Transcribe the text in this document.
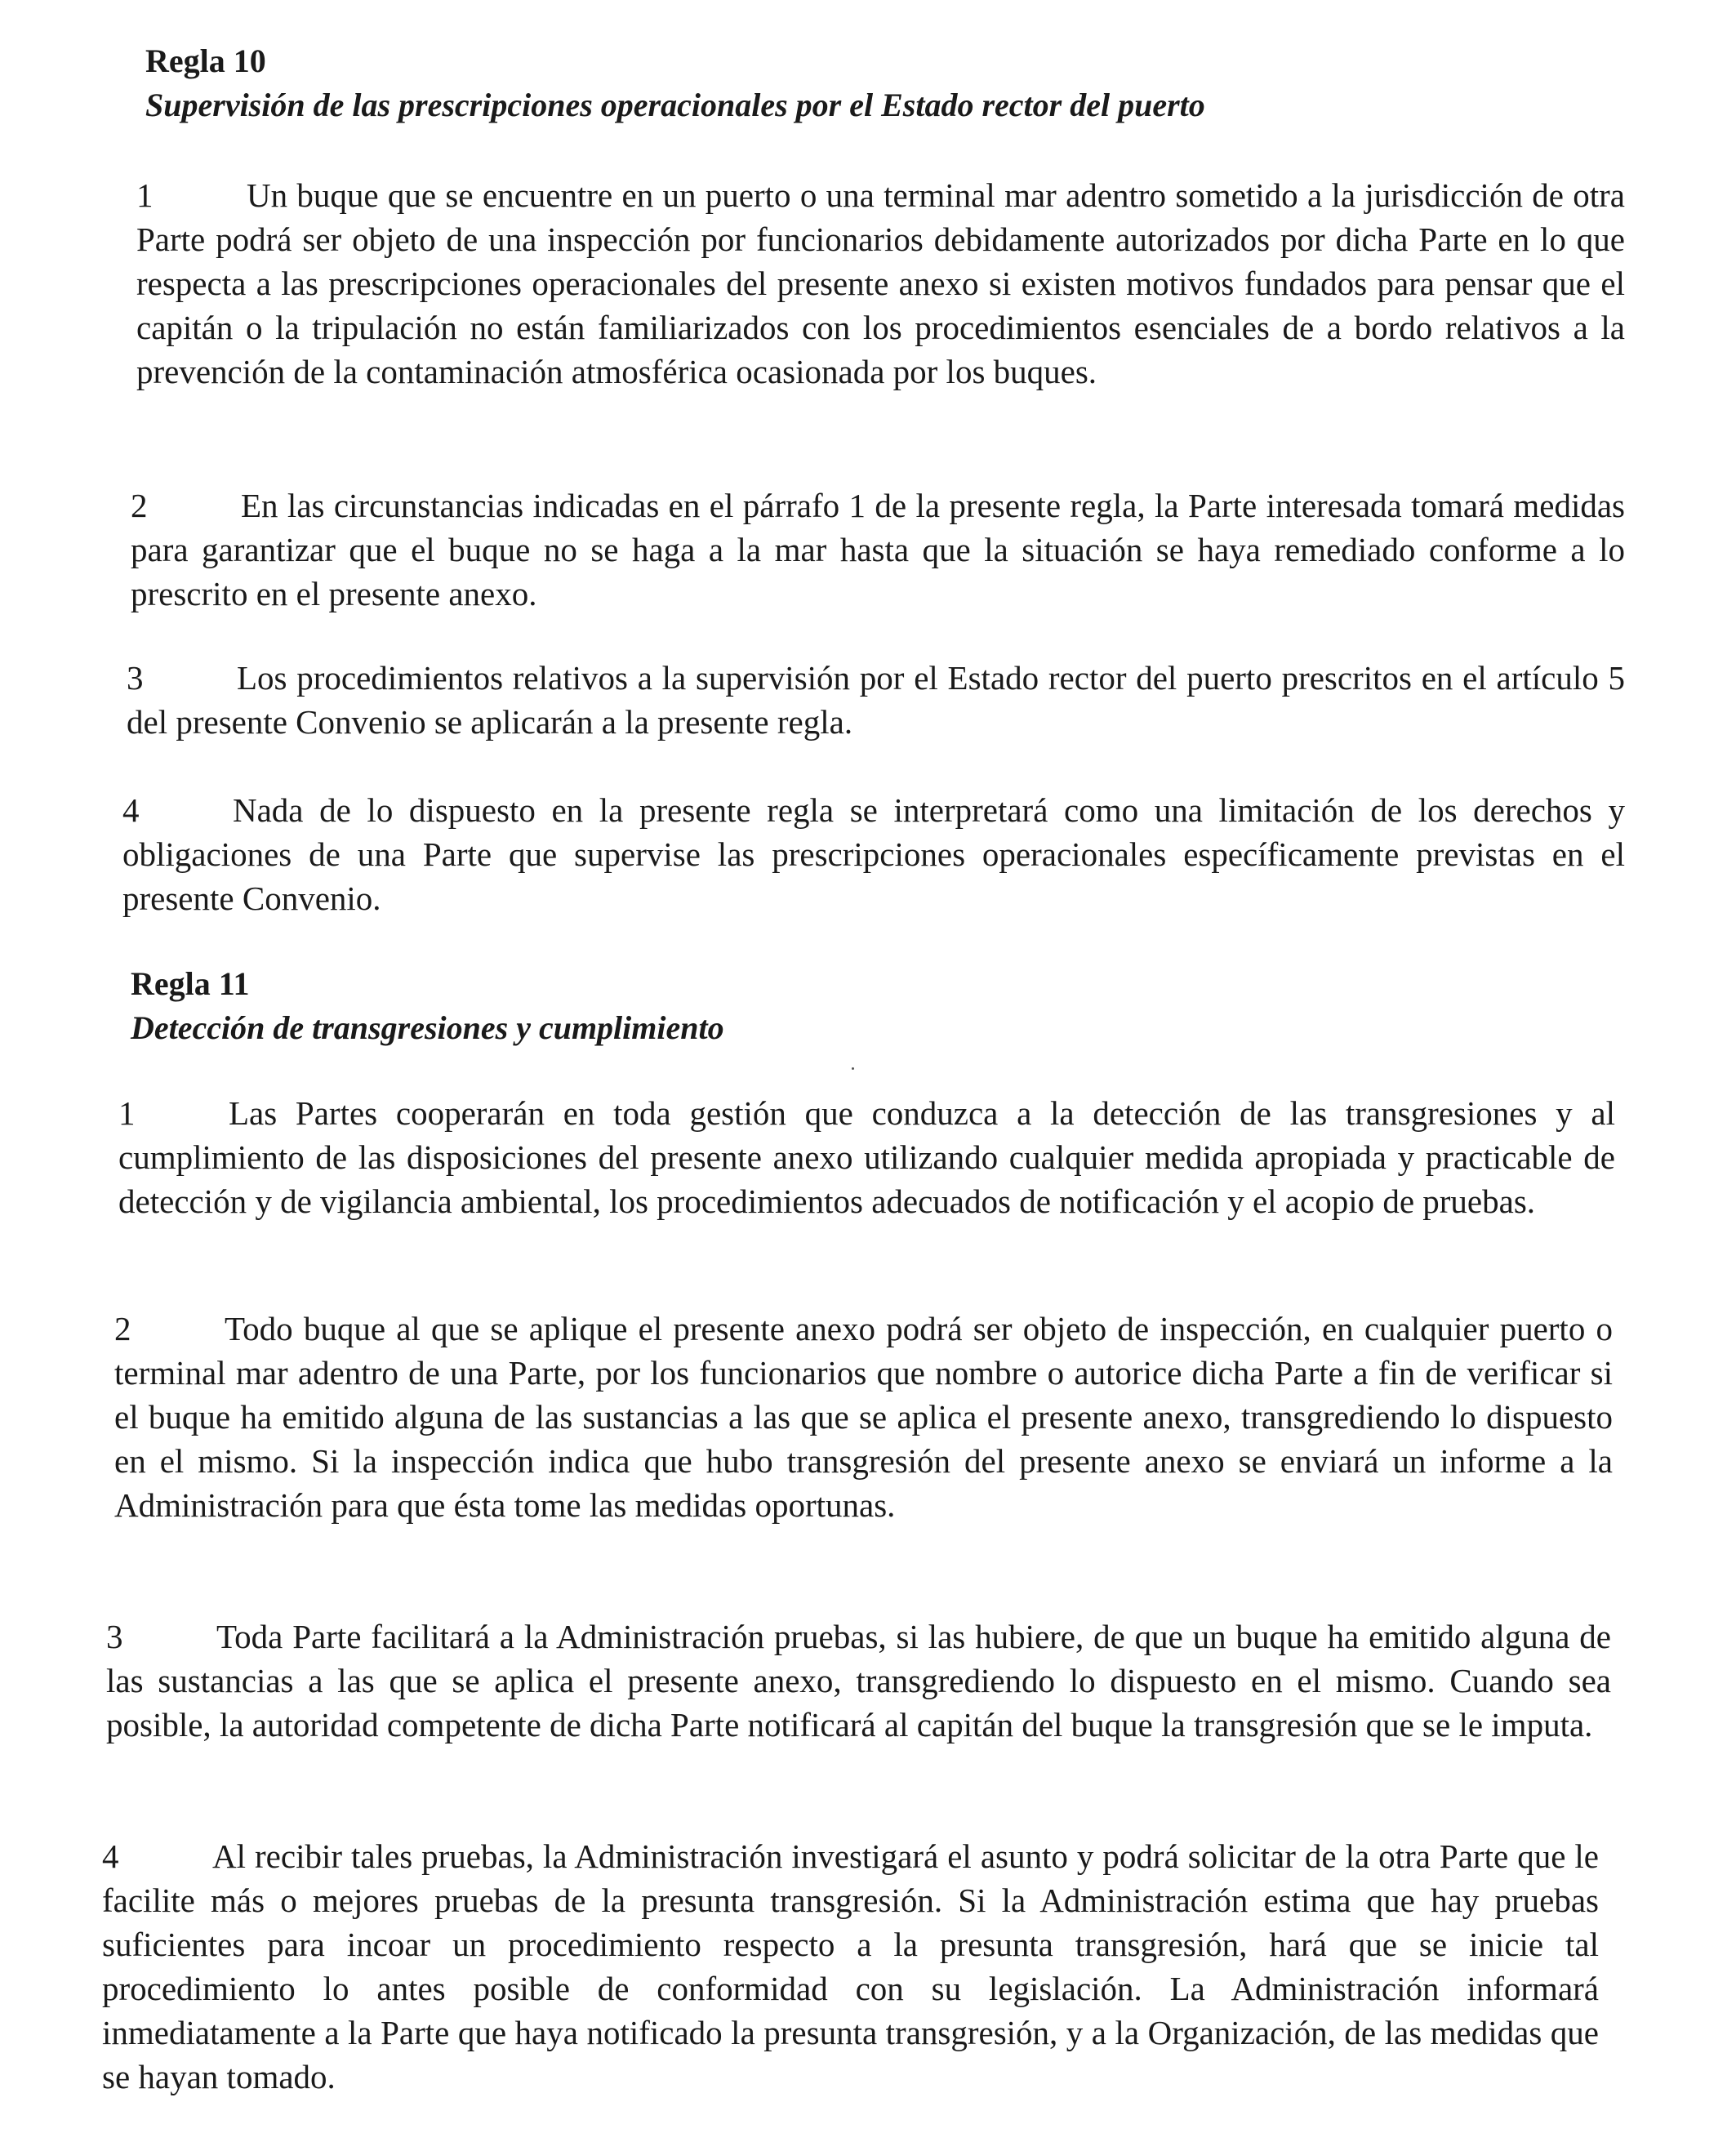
Regla 10

Supervisión de las prescripciones operacionales por el Estado rector del puerto

1	Un buque que se encuentre en un puerto o una terminal mar adentro sometido a la jurisdicción de otra Parte podrá ser objeto de una inspección por funcionarios debidamente autorizados por dicha Parte en lo que respecta a las prescripciones operacionales del presente anexo si existen motivos fundados para pensar que el capitán o la tripulación no están familiarizados con los procedimientos esenciales de a bordo relativos a la prevención de la contaminación atmosférica ocasionada por los buques.

2	En las circunstancias indicadas en el párrafo 1 de la presente regla, la Parte interesada tomará medidas para garantizar que el buque no se haga a la mar hasta que la situación se haya remediado conforme a lo prescrito en el presente anexo.

3	Los procedimientos relativos a la supervisión por el Estado rector del puerto prescritos en el artículo 5 del presente Convenio se aplicarán a la presente regla.

4	Nada de lo dispuesto en la presente regla se interpretará como una limitación de los derechos y obligaciones de una Parte que supervise las prescripciones operacionales específicamente previstas en el presente Convenio.

Regla 11

Detección de transgresiones y cumplimiento

1	Las Partes cooperarán en toda gestión que conduzca a la detección de las transgresiones y al cumplimiento de las disposiciones del presente anexo utilizando cualquier medida apropiada y practicable de detección y de vigilancia ambiental, los procedimientos adecuados de notificación y el acopio de pruebas.

2	Todo buque al que se aplique el presente anexo podrá ser objeto de inspección, en cualquier puerto o terminal mar adentro de una Parte, por los funcionarios que nombre o autorice dicha Parte a fin de verificar si el buque ha emitido alguna de las sustancias a las que se aplica el presente anexo, transgrediendo lo dispuesto en el mismo. Si la inspección indica que hubo transgresión del presente anexo se enviará un informe a la Administración para que ésta tome las medidas oportunas.

3	Toda Parte facilitará a la Administración pruebas, si las hubiere, de que un buque ha emitido alguna de las sustancias a las que se aplica el presente anexo, transgrediendo lo dispuesto en el mismo. Cuando sea posible, la autoridad competente de dicha Parte notificará al capitán del buque la transgresión que se le imputa.

4	Al recibir tales pruebas, la Administración investigará el asunto y podrá solicitar de la otra Parte que le facilite más o mejores pruebas de la presunta transgresión. Si la Administración estima que hay pruebas suficientes para incoar un procedimiento respecto a la presunta transgresión, hará que se inicie tal procedimiento lo antes posible de conformidad con su legislación. La Administración informará inmediatamente a la Parte que haya notificado la presunta transgresión, y a la Organización, de las medidas que se hayan tomado.
